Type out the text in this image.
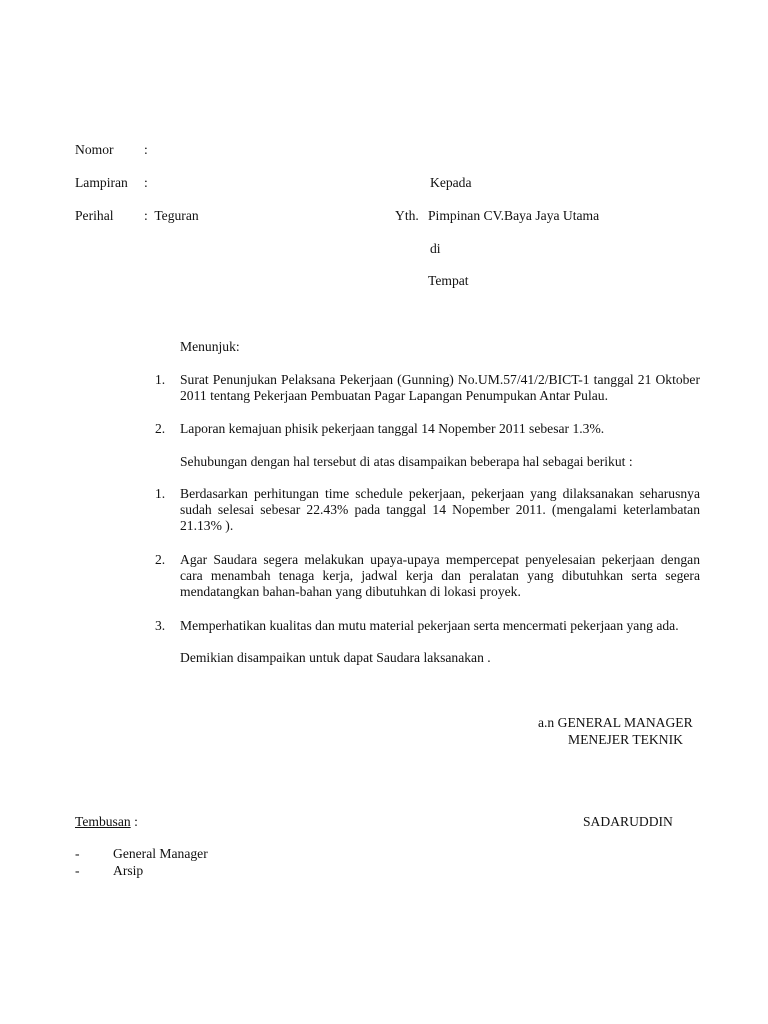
Nomor :
Lampiran :
Perihal :  Teguran
Kepada
Yth. Pimpinan CV.Baya Jaya Utama
di
Tempat
Menunjuk:
1. Surat Penunjukan Pelaksana Pekerjaan (Gunning) No.UM.57/41/2/BICT-1 tanggal 21 Oktober 2011 tentang Pekerjaan Pembuatan Pagar Lapangan Penumpukan Antar Pulau.
2. Laporan kemajuan phisik pekerjaan tanggal 14 Nopember 2011 sebesar 1.3%.
Sehubungan dengan hal tersebut di atas disampaikan beberapa hal sebagai berikut :
1. Berdasarkan perhitungan time schedule pekerjaan, pekerjaan yang dilaksanakan seharusnya sudah selesai sebesar 22.43% pada tanggal 14 Nopember 2011. (mengalami keterlambatan 21.13% ).
2. Agar Saudara segera melakukan upaya-upaya mempercepat penyelesaian pekerjaan dengan cara menambah tenaga kerja, jadwal kerja dan peralatan yang dibutuhkan serta segera mendatangkan bahan-bahan yang dibutuhkan di lokasi proyek.
3. Memperhatikan kualitas dan mutu material pekerjaan serta mencermati pekerjaan yang ada.
Demikian disampaikan untuk dapat Saudara laksanakan .
a.n GENERAL MANAGER
MENEJER TEKNIK
SADARUDDIN
Tembusan :
- General Manager
- Arsip
